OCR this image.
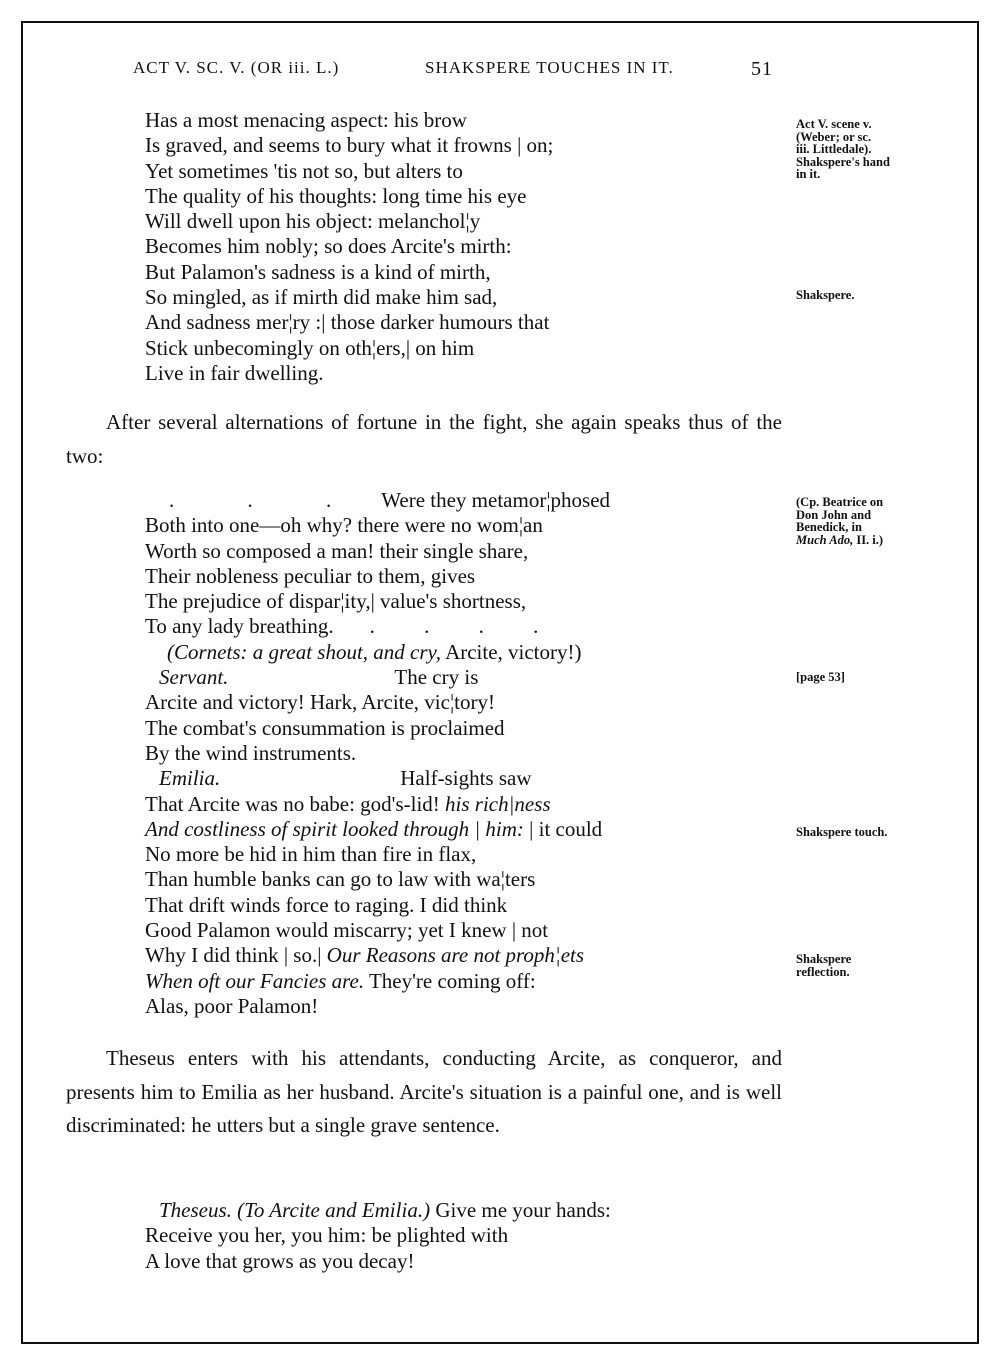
ACT V. SC. V. (OR iii. L.)	SHAKSPERE TOUCHES IN IT.	51
Has a most menacing aspect: his brow
Is graved, and seems to bury what it frowns | on;
Yet sometimes 'tis not so, but alters to
The quality of his thoughts: long time his eye
Will dwell upon his object: melanchol¦y
Becomes him nobly; so does Arcite's mirth:
But Palamon's sadness is a kind of mirth,
So mingled, as if mirth did make him sad,
And sadness mer¦ry :| those darker humours that
Stick unbecomingly on oth¦ers,| on him
Live in fair dwelling.
After several alternations of fortune in the fight, she again speaks thus of the two:
. . . Were they metamor¦phosed
Both into one—oh why? there were no wom¦an
Worth so composed a man! their single share,
Their nobleness peculiar to them, gives
The prejudice of dispar¦ity,| value's shortness,
To any lady breathing. . . . .
(Cornets: a great shout, and cry, Arcite, victory!)
Servant.	The cry is
Arcite and victory! Hark, Arcite, vic¦tory!
The combat's consummation is proclaimed
By the wind instruments.
Emilia.	Half-sights saw
That Arcite was no babe: god's-lid! his rich|ness
And costliness of spirit looked through | him: | it could
No more be hid in him than fire in flax,
Than humble banks can go to law with wa¦ters
That drift winds force to raging. I did think
Good Palamon would miscarry; yet I knew | not
Why I did think | so.| Our Reasons are not proph¦ets
When oft our Fancies are. They're coming off:
Alas, poor Palamon!
Theseus enters with his attendants, conducting Arcite, as conqueror, and presents him to Emilia as her husband. Arcite's situation is a painful one, and is well discriminated: he utters but a single grave sentence.
Theseus. (To Arcite and Emilia.) Give me your hands:
Receive you her, you him: be plighted with
A love that grows as you decay!
Act V. scene v.
(Weber; or sc.
iii. Littledale).
Shakspere's hand
in it.
Shakspere.
(Cp. Beatrice on
Don John and
Benedick, in
Much Ado, II. i.)
[page 53]
Shakspere touch.
Shakspere
reflection.
